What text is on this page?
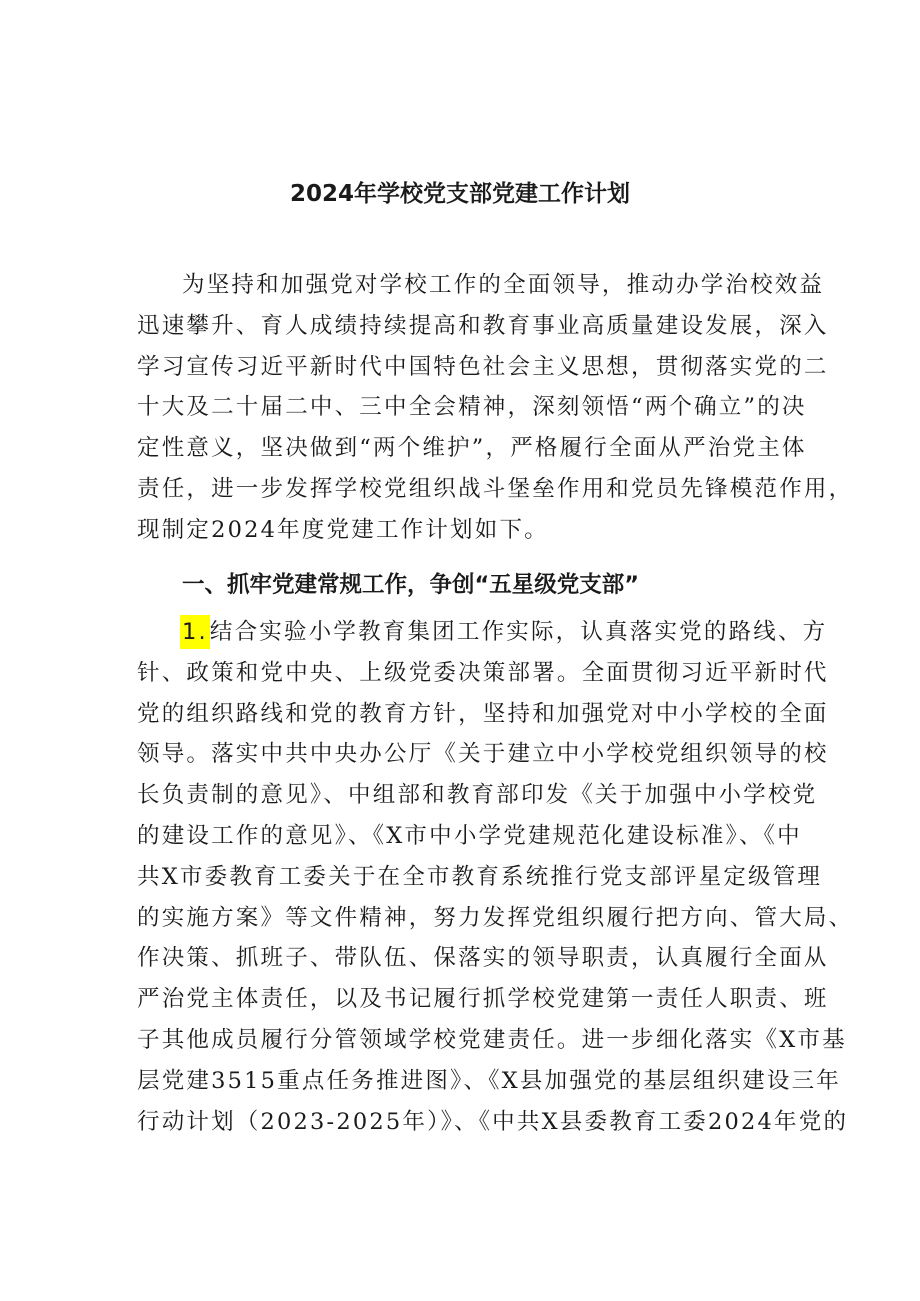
2024年学校党支部党建工作计划
为坚持和加强党对学校工作的全面领导，推动办学治校效益
迅速攀升、育人成绩持续提高和教育事业高质量建设发展，深入
学习宣传习近平新时代中国特色社会主义思想，贯彻落实党的二
十大及二十届二中、三中全会精神，深刻领悟“两个确立”的决
定性意义，坚决做到“两个维护”，严格履行全面从严治党主体
责任，进一步发挥学校党组织战斗堡垒作用和党员先锋模范作用，
现制定2024年度党建工作计划如下。
一、抓牢党建常规工作，争创“五星级党支部”
1.结合实验小学教育集团工作实际，认真落实党的路线、方
针、政策和党中央、上级党委决策部署。全面贯彻习近平新时代
党的组织路线和党的教育方针，坚持和加强党对中小学校的全面
领导。落实中共中央办公厅《关于建立中小学校党组织领导的校
长负责制的意见》、中组部和教育部印发《关于加强中小学校党
的建设工作的意见》、《X市中小学党建规范化建设标准》、《中
共X市委教育工委关于在全市教育系统推行党支部评星定级管理
的实施方案》等文件精神，努力发挥党组织履行把方向、管大局、
作决策、抓班子、带队伍、保落实的领导职责，认真履行全面从
严治党主体责任，以及书记履行抓学校党建第一责任人职责、班
子其他成员履行分管领域学校党建责任。进一步细化落实《X市基
层党建3515重点任务推进图》、《X县加强党的基层组织建设三年
行动计划（2023-2025年）》、《中共X县委教育工委2024年党的
